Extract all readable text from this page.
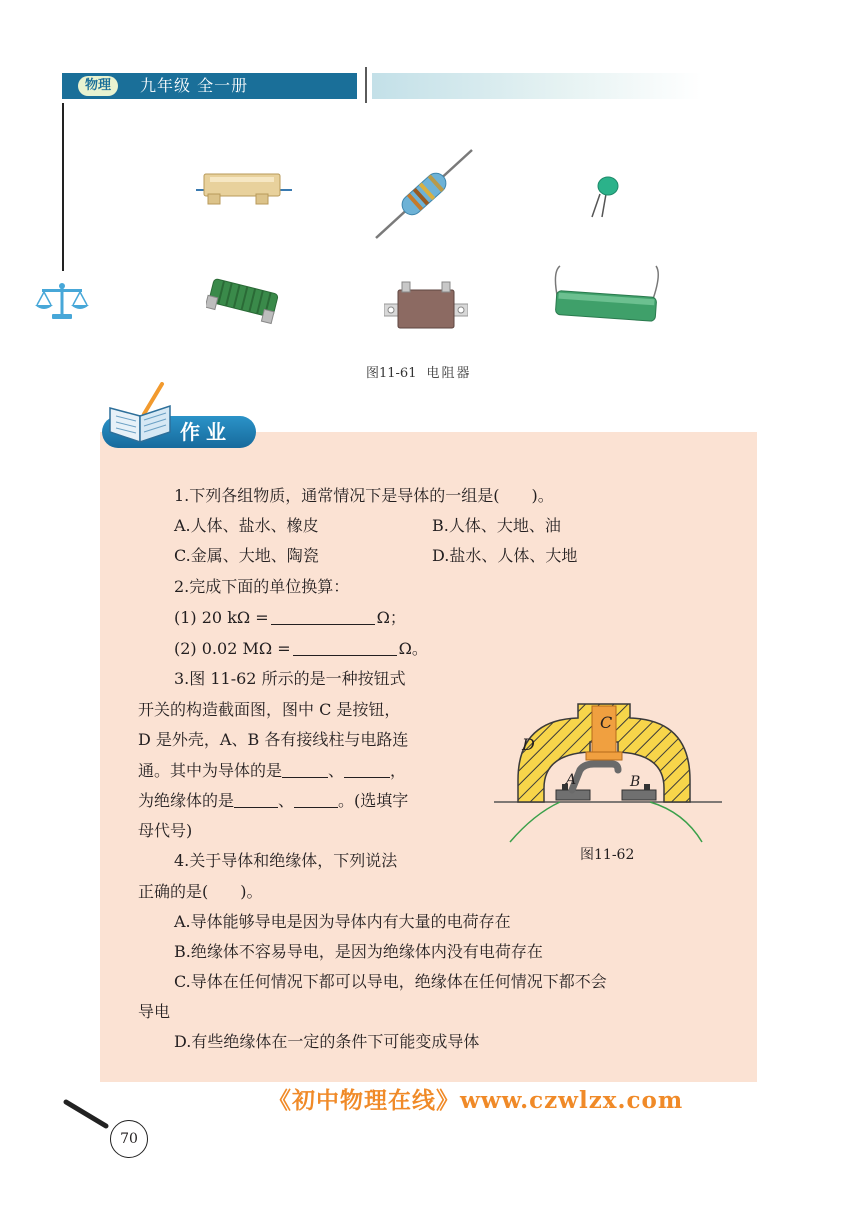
物理	九年级 全一册
图11-61 电阻器
作业
1.下列各组物质，通常情况下是导体的一组是(　　)。
A.人体、盐水、橡皮	B.人体、大地、油
C.金属、大地、陶瓷	D.盐水、人体、大地
2.完成下面的单位换算：
(1) 20 kΩ =	Ω；
(2) 0.02 MΩ =	Ω。
3.图 11-62 所示的是一种按钮式
开关的构造截面图，图中 C 是按钮，
D 是外壳，A、B 各有接线柱与电路连
通。其中为导体的是	、	，
为绝缘体的是	、	。(选填字
母代号)
C
D
A	B
图11-62
4.关于导体和绝缘体，下列说法
正确的是(　　)。
A.导体能够导电是因为导体内有大量的电荷存在
B.绝缘体不容易导电，是因为绝缘体内没有电荷存在
C.导体在任何情况下都可以导电，绝缘体在任何情况下都不会
导电
D.有些绝缘体在一定的条件下可能变成导体
《初中物理在线》www.czwlzx.com
70
